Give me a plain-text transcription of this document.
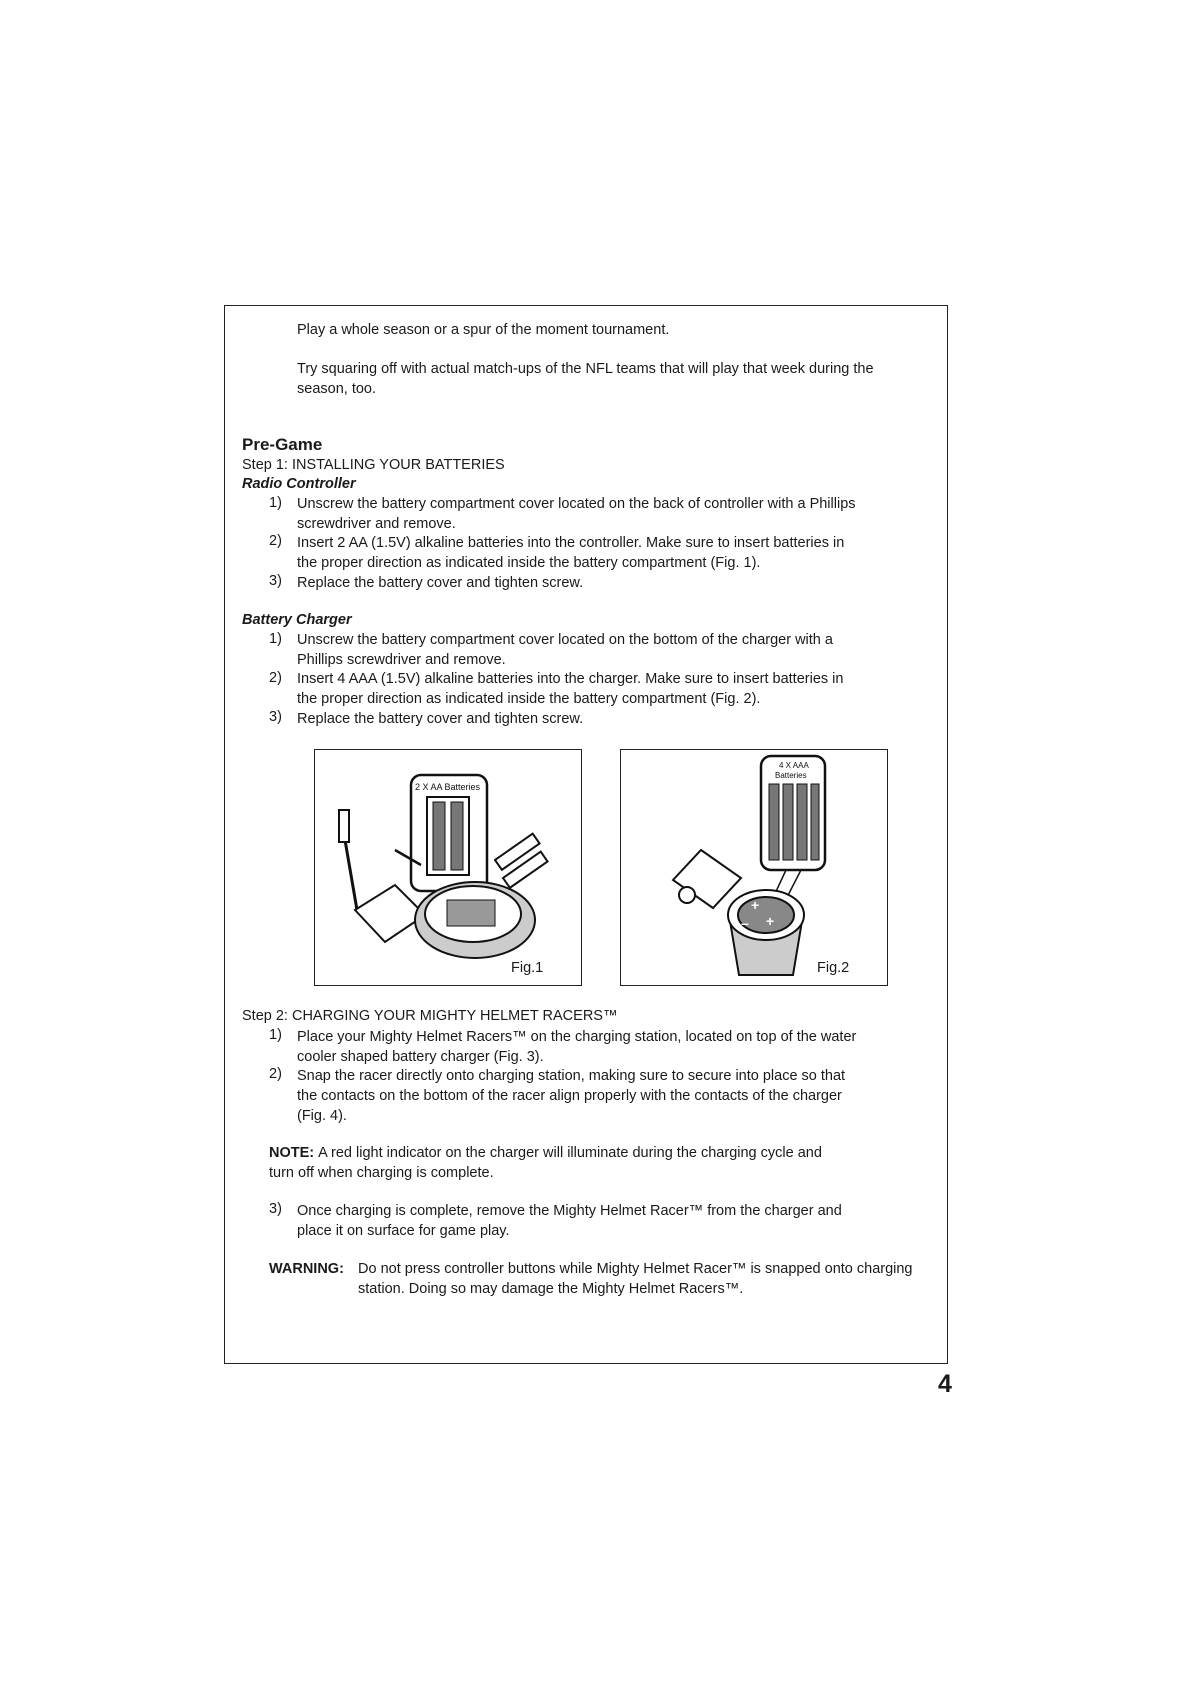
Play a whole season or a spur of the moment tournament.
Try squaring off with actual match-ups of the NFL teams that will play that week during the
season, too.
Pre-Game
Step 1: INSTALLING YOUR BATTERIES
Radio Controller
1) Unscrew the battery compartment cover located on the back of controller with a Phillips
screwdriver and remove.
2) Insert 2 AA (1.5V) alkaline batteries into the controller. Make sure to insert batteries in
the proper direction as indicated inside the battery compartment (Fig. 1).
3) Replace the battery cover and tighten screw.
Battery Charger
1) Unscrew the battery compartment cover located on the bottom of the charger with a
Phillips screwdriver and remove.
2) Insert 4 AAA (1.5V) alkaline batteries into the charger. Make sure to insert batteries in
the proper direction as indicated inside the battery compartment (Fig. 2).
3) Replace the battery cover and tighten screw.
2 X AA Batteries
Fig.1
4 X AAA
Batteries
+
+
–
Fig.2
Step 2: CHARGING YOUR MIGHTY HELMET RACERS™
1) Place your Mighty Helmet Racers™ on the charging station, located on top of the water
cooler shaped battery charger (Fig. 3).
2) Snap the racer directly onto charging station, making sure to secure into place so that
the contacts on the bottom of the racer align properly with the contacts of the charger
(Fig. 4).
NOTE: A red light indicator on the charger will illuminate during the charging cycle and
turn off when charging is complete.
3) Once charging is complete, remove the Mighty Helmet Racer™ from the charger and
place it on surface for game play.
WARNING: Do not press controller buttons while Mighty Helmet Racer™ is snapped onto charging
station. Doing so may damage the Mighty Helmet Racers™.
4
